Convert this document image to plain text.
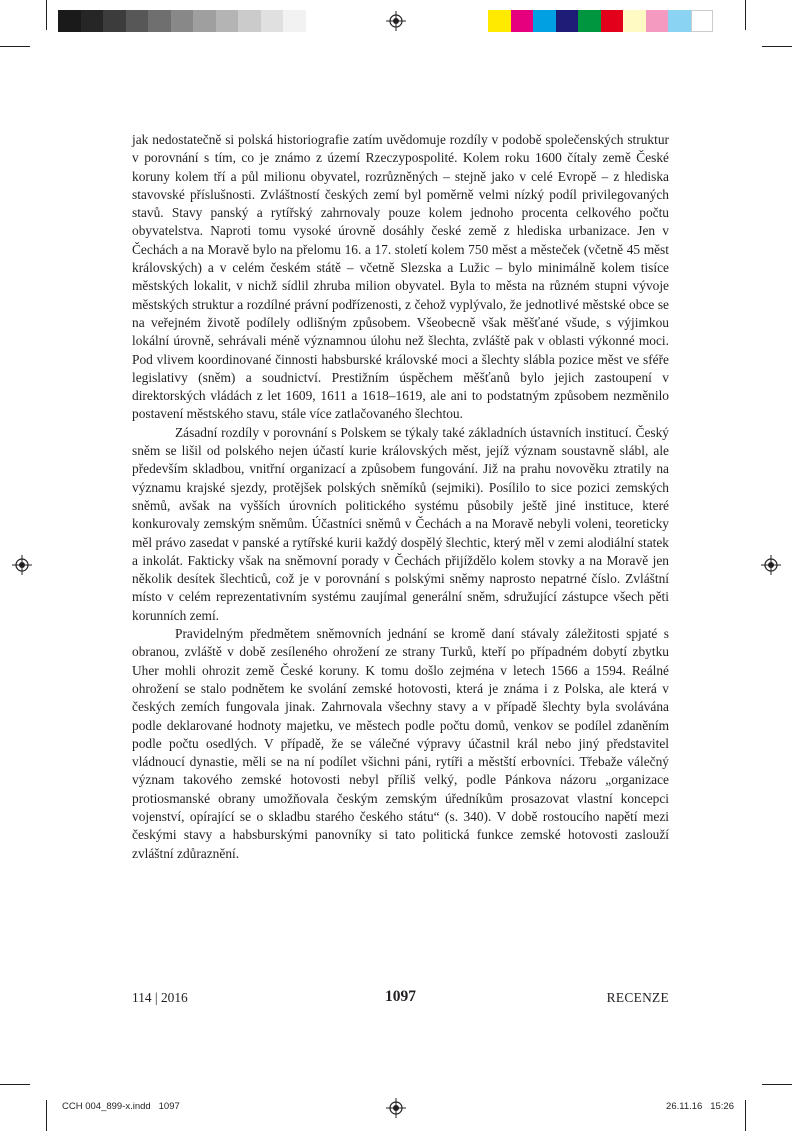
jak nedostatečně si polská historiografie zatím uvědomuje rozdíly v podobě společenských struktur v porovnání s tím, co je známo z území Rzeczypospolité. Kolem roku 1600 čítaly země České koruny kolem tří a půl milionu obyvatel, rozrůzněných – stejně jako v celé Evropě – z hlediska stavovské příslušnosti. Zvláštností českých zemí byl poměrně velmi nízký podíl privilegovaných stavů. Stavy panský a rytířský zahrnovaly pouze kolem jednoho procenta celkového počtu obyvatelstva. Naproti tomu vysoké úrovně dosáhly české země z hlediska urbanizace. Jen v Čechách a na Moravě bylo na přelomu 16. a 17. století kolem 750 měst a městeček (včetně 45 měst královských) a v celém českém státě – včetně Slezska a Lužic – bylo minimálně kolem tisíce městských lokalit, v nichž sídlil zhruba milion obyvatel. Byla to města na různém stupni vývoje městských struktur a rozdílné právní podřízenosti, z čehož vyplývalo, že jednotlivé městské obce se na veřejném životě podílely odlišným způsobem. Všeobecně však měšťané všude, s výjimkou lokální úrovně, sehrávali méně významnou úlohu než šlechta, zvláště pak v oblasti výkonné moci. Pod vlivem koordinované činnosti habsburské královské moci a šlechty slábla pozice měst ve sféře legislativy (sněm) a soudnictví. Prestižním úspěchem měšťanů bylo jejich zastoupení v direktorských vládách z let 1609, 1611 a 1618–1619, ale ani to podstatným způsobem nezměnilo postavení městského stavu, stále více zatlačovaného šlechtou.

Zásadní rozdíly v porovnání s Polskem se týkaly také základních ústavních institucí. Český sněm se lišil od polského nejen účastí kurie královských měst, jejíž význam soustavně slábl, ale především skladbou, vnitřní organizací a způsobem fungování. Již na prahu novověku ztratily na významu krajské sjezdy, protějšek polských sněmíků (sejmiki). Posílilo to sice pozici zemských sněmů, avšak na vyšších úrovních politického systému působily ještě jiné instituce, které konkurovaly zemským sněmům. Účastníci sněmů v Čechách a na Moravě nebyli voleni, teoreticky měl právo zasedat v panské a rytířské kurii každý dospělý šlechtic, který měl v zemi alodiální statek a inkolát. Fakticky však na sněmovní porady v Čechách přijíždělo kolem stovky a na Moravě jen několik desítek šlechticů, což je v porovnání s polskými sněmy naprosto nepatrné číslo. Zvláštní místo v celém reprezentativním systému zaujímal generální sněm, sdružující zástupce všech pěti korunních zemí.

Pravidelným předmětem sněmovních jednání se kromě daní stávaly záležitosti spjaté s obranou, zvláště v době zesíleného ohrožení ze strany Turků, kteří po případném dobytí zbytku Uher mohli ohrozit země České koruny. K tomu došlo zejména v letech 1566 a 1594. Reálné ohrožení se stalo podnětem ke svolání zemské hotovosti, která je známa i z Polska, ale která v českých zemích fungovala jinak. Zahrnovala všechny stavy a v případě šlechty byla svolávána podle deklarované hodnoty majetku, ve městech podle počtu domů, venkov se podílel zdaněním podle počtu osedlých. V případě, že se válečné výpravy účastnil král nebo jiný představitel vládnoucí dynastie, měli se na ní podílet všichni páni, rytíři a městští erbovníci. Třebaže válečný význam takového zemské hotovosti nebyl příliš velký, podle Pánkova názoru „organizace protiosmanské obrany umožňovala českým zemským úředníkům prosazovat vlastní koncepci vojenství, opírající se o skladbu starého českého státu“ (s. 340). V době rostoucího napětí mezi českými stavy a habsburskými panovníky si tato politická funkce zemské hotovosti zaslouží zvláštní zdůraznění.

114 | 2016	1097	RECENZE
CCH 004_899-x.indd   1097	26.11.16   15:26
